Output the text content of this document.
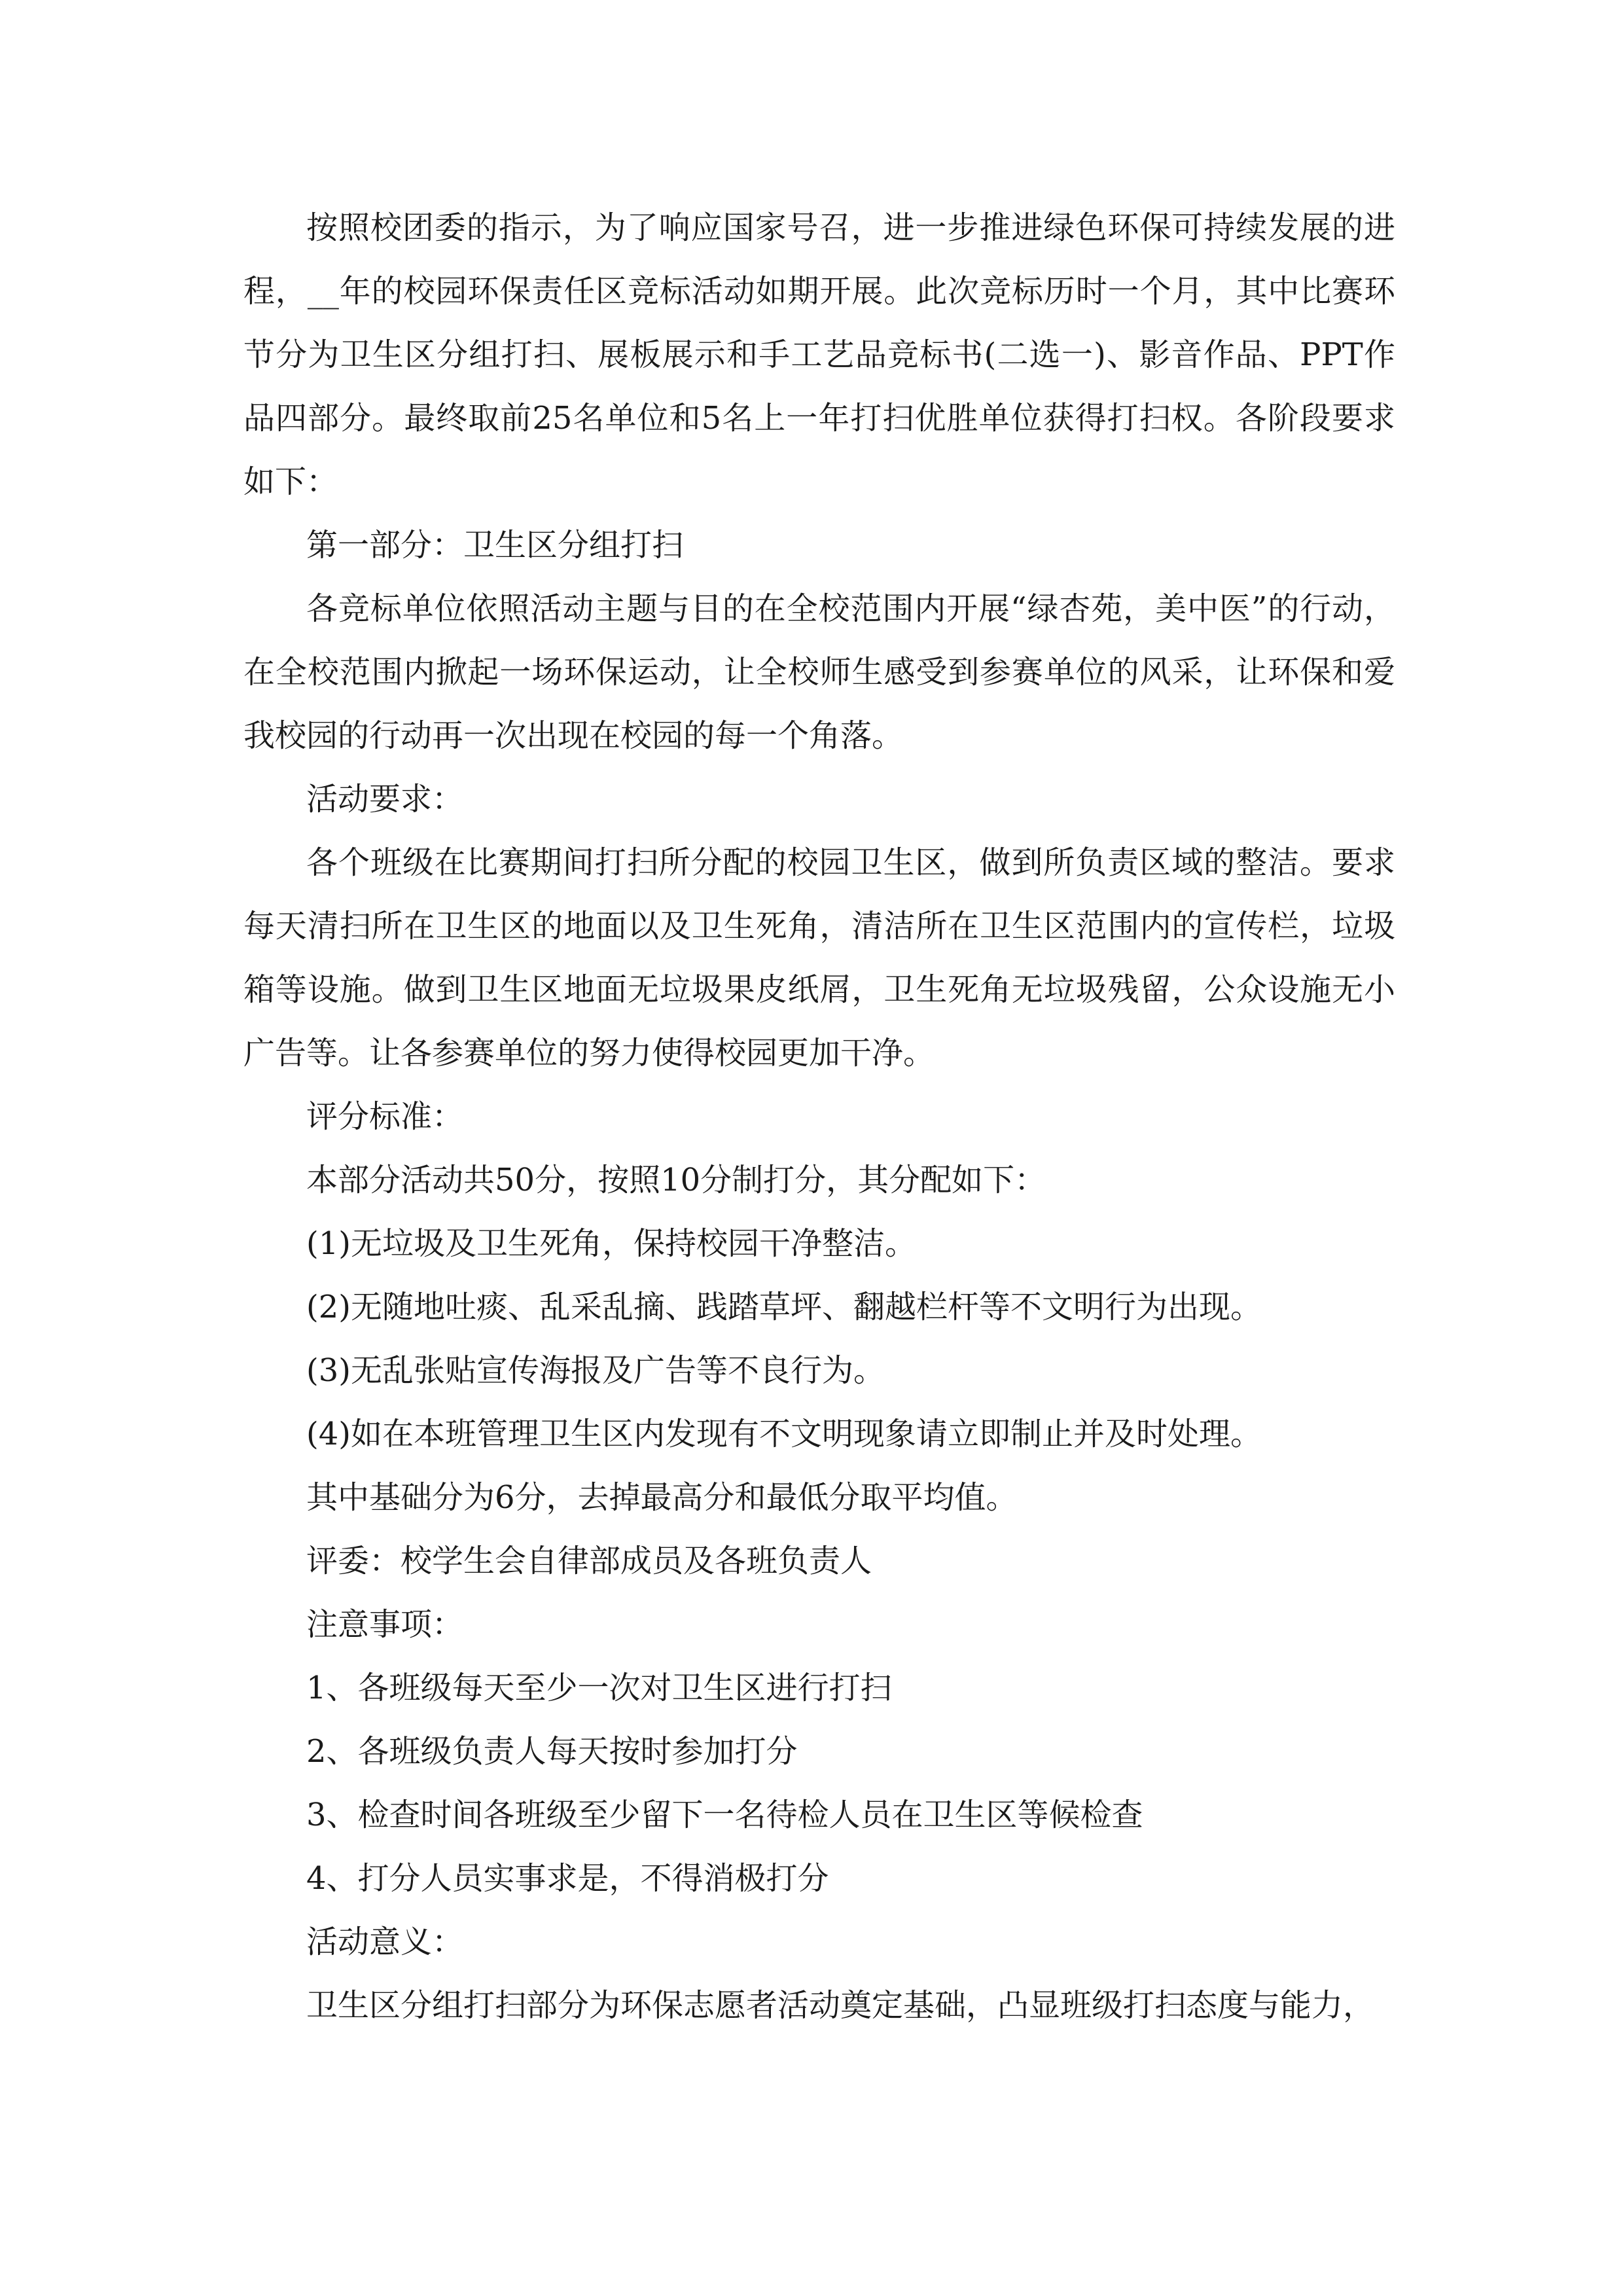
按照校团委的指示，为了响应国家号召，进一步推进绿色环保可持续发展的进程，__年的校园环保责任区竞标活动如期开展。此次竞标历时一个月，其中比赛环节分为卫生区分组打扫、展板展示和手工艺品竞标书(二选一)、影音作品、PPT作品四部分。最终取前25名单位和5名上一年打扫优胜单位获得打扫权。各阶段要求如下：

第一部分：卫生区分组打扫

各竞标单位依照活动主题与目的在全校范围内开展“绿杏苑，美中医”的行动，在全校范围内掀起一场环保运动，让全校师生感受到参赛单位的风采，让环保和爱我校园的行动再一次出现在校园的每一个角落。

活动要求：

各个班级在比赛期间打扫所分配的校园卫生区，做到所负责区域的整洁。要求每天清扫所在卫生区的地面以及卫生死角，清洁所在卫生区范围内的宣传栏，垃圾箱等设施。做到卫生区地面无垃圾果皮纸屑，卫生死角无垃圾残留，公众设施无小广告等。让各参赛单位的努力使得校园更加干净。

评分标准：

本部分活动共50分，按照10分制打分，其分配如下：

(1)无垃圾及卫生死角，保持校园干净整洁。

(2)无随地吐痰、乱采乱摘、践踏草坪、翻越栏杆等不文明行为出现。

(3)无乱张贴宣传海报及广告等不良行为。

(4)如在本班管理卫生区内发现有不文明现象请立即制止并及时处理。

其中基础分为6分，去掉最高分和最低分取平均值。

评委：校学生会自律部成员及各班负责人

注意事项：

1、各班级每天至少一次对卫生区进行打扫

2、各班级负责人每天按时参加打分

3、检查时间各班级至少留下一名待检人员在卫生区等候检查

4、打分人员实事求是，不得消极打分

活动意义：

卫生区分组打扫部分为环保志愿者活动奠定基础，凸显班级打扫态度与能力，
